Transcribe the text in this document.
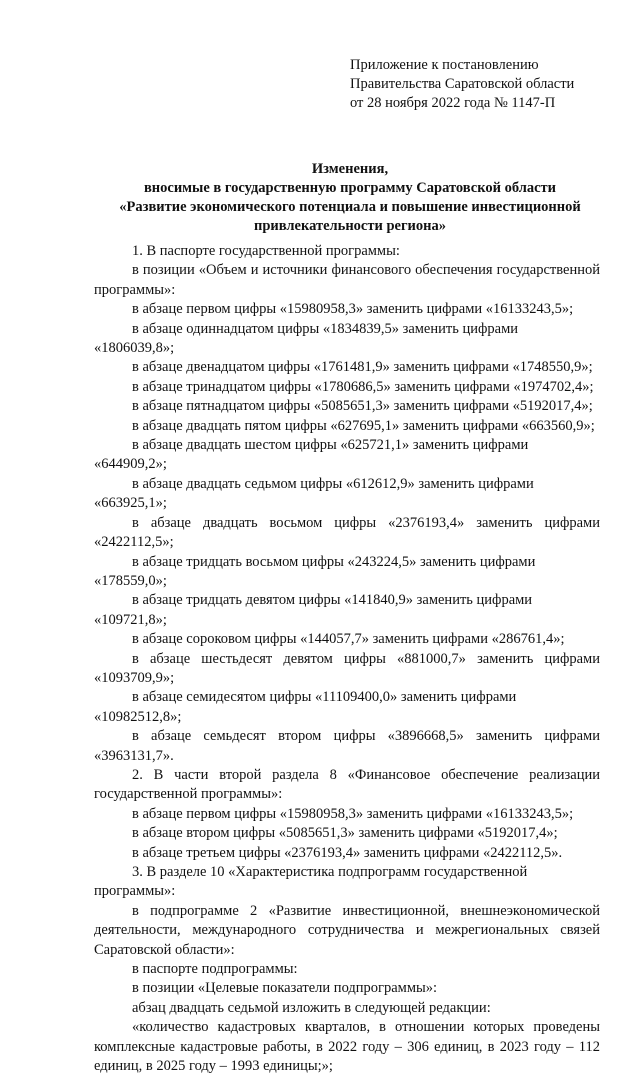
Приложение к постановлению
Правительства Саратовской области
от 28 ноября 2022 года № 1147-П
Изменения,
вносимые в государственную программу Саратовской области
«Развитие экономического потенциала и повышение инвестиционной
привлекательности региона»

1. В паспорте государственной программы:

в позиции «Объем и источники финансового обеспечения государственной программы»:

в абзаце первом цифры «15980958,3» заменить цифрами «16133243,5»;

в абзаце одиннадцатом цифры «1834839,5» заменить цифрами «1806039,8»;

в абзаце двенадцатом цифры «1761481,9» заменить цифрами «1748550,9»;

в абзаце тринадцатом цифры «1780686,5» заменить цифрами «1974702,4»;

в абзаце пятнадцатом цифры «5085651,3» заменить цифрами «5192017,4»;

в абзаце двадцать пятом цифры «627695,1» заменить цифрами «663560,9»;

в абзаце двадцать шестом цифры «625721,1» заменить цифрами «644909,2»;

в абзаце двадцать седьмом цифры «612612,9» заменить цифрами «663925,1»;

в абзаце двадцать восьмом цифры «2376193,4» заменить цифрами «2422112,5»;

в абзаце тридцать восьмом цифры «243224,5» заменить цифрами «178559,0»;

в абзаце тридцать девятом цифры «141840,9» заменить цифрами «109721,8»;

в абзаце сороковом цифры «144057,7» заменить цифрами «286761,4»;

в абзаце шестьдесят девятом цифры «881000,7» заменить цифрами «1093709,9»;

в абзаце семидесятом цифры «11109400,0» заменить цифрами «10982512,8»;

в абзаце семьдесят втором цифры «3896668,5» заменить цифрами «3963131,7».

2. В части второй раздела 8 «Финансовое обеспечение реализации государственной программы»:

в абзаце первом цифры «15980958,3» заменить цифрами «16133243,5»;

в абзаце втором цифры «5085651,3» заменить цифрами «5192017,4»;

в абзаце третьем цифры «2376193,4» заменить цифрами «2422112,5».

3. В разделе 10 «Характеристика подпрограмм государственной программы»:

в подпрограмме 2 «Развитие инвестиционной, внешнеэкономической деятельности, международного сотрудничества и межрегиональных связей Саратовской области»:

в паспорте подпрограммы:

в позиции «Целевые показатели подпрограммы»:

абзац двадцать седьмой изложить в следующей редакции:

«количество кадастровых кварталов, в отношении которых проведены комплексные кадастровые работы, в 2022 году – 306 единиц, в 2023 году – 112 единиц, в 2025 году – 1993 единицы;»;
